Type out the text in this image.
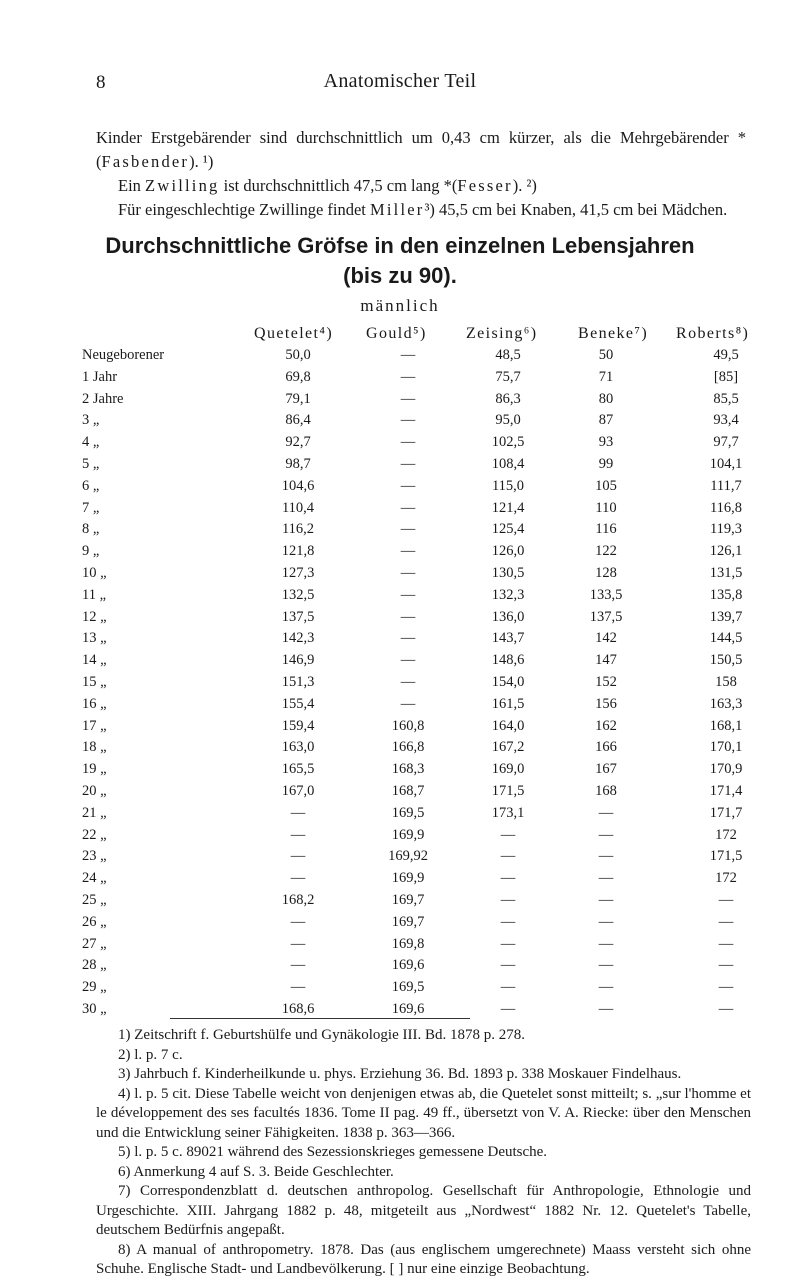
8	Anatomischer Teil

Kinder Erstgebärender sind durchschnittlich um 0,43 cm kürzer, als die Mehrgebärender *(Fasbender). ¹)

Ein Zwilling ist durchschnittlich 47,5 cm lang *(Fesser). ²)

Für eingeschlechtige Zwillinge findet Miller³) 45,5 cm bei Knaben, 41,5 cm bei Mädchen.

Durchschnittliche Gröfse in den einzelnen Lebensjahren
(bis zu 90).
männlich
Quetelet⁴) Gould⁵) Zeising⁶)	Beneke⁷) Roberts⁸)
Neugeborener	50,0	—	48,5	50	49,5
1 Jahr	69,8	—	75,7	71	[85]
2 Jahre	79,1	—	86,3	80	85,5
3 „	86,4	—	95,0	87	93,4
4 „	92,7	—	102,5	93	97,7
5 „	98,7	—	108,4	99	104,1
6 „	104,6	—	115,0	105	111,7
7 „	110,4	—	121,4	110	116,8
8 „	116,2	—	125,4	116	119,3
9 „	121,8	—	126,0	122	126,1
10 „	127,3	—	130,5	128	131,5
11 „	132,5	—	132,3	133,5	135,8
12 „	137,5	—	136,0	137,5	139,7
13 „	142,3	—	143,7	142	144,5
14 „	146,9	—	148,6	147	150,5
15 „	151,3	—	154,0	152	158
16 „	155,4	—	161,5	156	163,3
17 „	159,4	160,8	164,0	162	168,1
18 „	163,0	166,8	167,2	166	170,1
19 „	165,5	168,3	169,0	167	170,9
20 „	167,0	168,7	171,5	168	171,4
21 „	—	169,5	173,1	—	171,7
22 „	—	169,9	—	—	172
23 „	—	169,92	—	—	171,5
24 „	—	169,9	—	—	172
25 „	168,2	169,7	—	—	—
26 „	—	169,7	—	—	—
27 „	—	169,8	—	—	—
28 „	—	169,6	—	—	—
29 „	—	169,5	—	—	—
30 „	168,6	169,6	—	—	—

1) Zeitschrift f. Geburtshülfe und Gynäkologie III. Bd. 1878 p. 278.

2) l. p. 7 c.

3) Jahrbuch f. Kinderheilkunde u. phys. Erziehung 36. Bd. 1893 p. 338 Moskauer Findelhaus.

4) l. p. 5 cit. Diese Tabelle weicht von denjenigen etwas ab, die Quetelet sonst mitteilt; s. „sur l'homme et le développement des ses facultés 1836. Tome II pag. 49 ff., übersetzt von V. A. Riecke: über den Menschen und die Entwicklung seiner Fähigkeiten. 1838 p. 363—366.

5) l. p. 5 c. 89021 während des Sezessionskrieges gemessene Deutsche.

6) Anmerkung 4 auf S. 3. Beide Geschlechter.

7) Correspondenzblatt d. deutschen anthropolog. Gesellschaft für Anthropologie, Ethnologie und Urgeschichte. XIII. Jahrgang 1882 p. 48, mitgeteilt aus „Nordwest“ 1882 Nr. 12. Quetelet's Tabelle, deutschem Bedürfnis angepaßt.

8) A manual of anthropometry. 1878. Das (aus englischem umgerechnete) Maass versteht sich ohne Schuhe. Englische Stadt- und Landbevölkerung. [ ] nur eine einzige Beobachtung.
